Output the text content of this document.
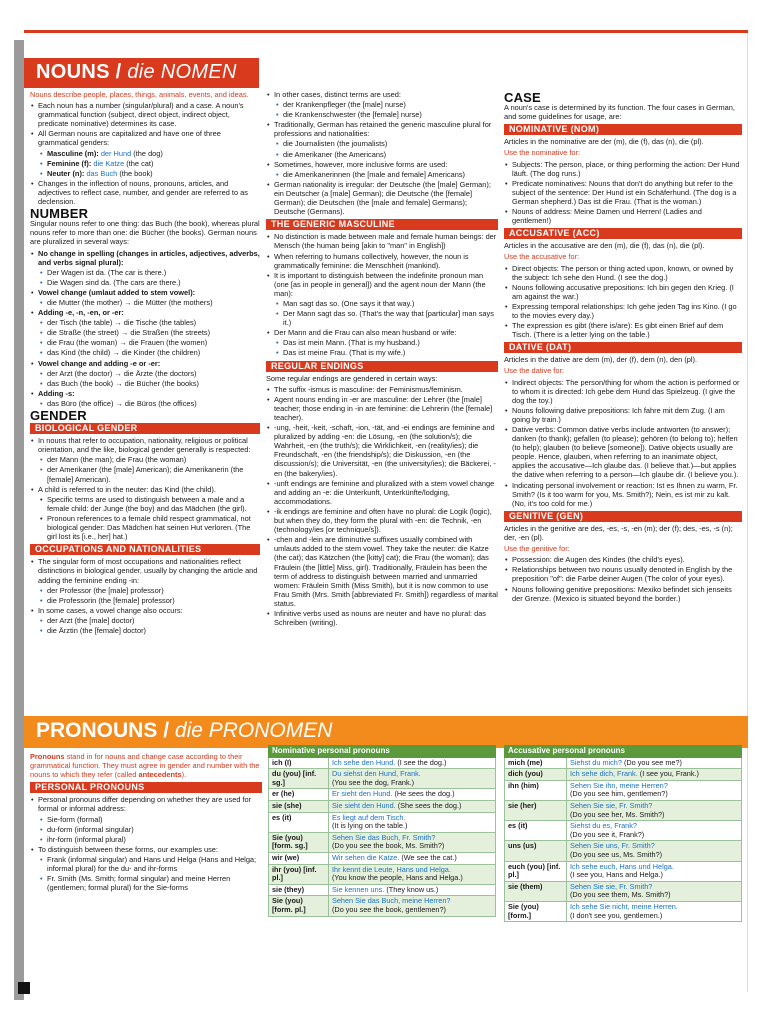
NOUNS / die NOMEN

Nouns describe people, places, things, animals, events, and ideas.

• Each noun has a number (singular/plural) and a case. A noun's grammatical function (subject, direct object, indirect object, predicate nominative) determines its case.
• All German nouns are capitalized and have one of three grammatical genders:
• Masculine (m): der Hund (the dog)
• Feminine (f): die Katze (the cat)
• Neuter (n): das Buch (the book)
• Changes in the inflection of nouns, pronouns, articles, and adjectives to reflect case, number, and gender are referred to as declension.
NUMBER

Singular nouns refer to one thing: das Buch (the book), whereas plural nouns refer to more than one: die Bücher (the books). German nouns are pluralized in several ways:

• No change in spelling (changes in articles, adjectives, adverbs, and verbs signal plural):
• Der Wagen ist da. (The car is there.)
• Die Wagen sind da. (The cars are there.)
• Vowel change (umlaut added to stem vowel):
• die Mutter (the mother) → die Mütter (the mothers)
• Adding -e, -n, -en, or -er:
• der Tisch (the table) → die Tische (the tables)
• die Straße (the street) → die Straßen (the streets)
• die Frau (the woman) → die Frauen (the women)
• das Kind (the child) → die Kinder (the children)
• Vowel change and adding -e or -er:
• der Arzt (the doctor) → die Ärzte (the doctors)
• das Buch (the book) → die Bücher (the books)
• Adding -s:
• das Büro (the office) → die Büros (the offices)
GENDER
BIOLOGICAL GENDER
• In nouns that refer to occupation, nationality, religious or political orientation, and the like, biological gender generally is respected:
• der Mann (the man); die Frau (the woman)
• der Amerikaner (the [male] American); die Amerikanerin (the [female] American).
• A child is referred to in the neuter: das Kind (the child).
• Specific terms are used to distinguish between a male and a female child: der Junge (the boy) and das Mädchen (the girl).
• Pronoun references to a female child respect grammatical, not biological gender: Das Mädchen hat seinen Hut verloren. (The girl lost its [i.e., her] hat.)
OCCUPATIONS AND NATIONALITIES
• The singular form of most occupations and nationalities reflect distinctions in biological gender, usually by changing the article and adding the feminine ending -in:
• der Professor (the [male] professor)
• die Professorin (the [female] professor)
• In some cases, a vowel change also occurs:
• der Arzt (the [male] doctor)
• die Ärztin (the [female] doctor)
• In other cases, distinct terms are used:
• der Krankenpfleger (the [male] nurse)
• die Krankenschwester (the [female] nurse)
• Traditionally, German has retained the generic masculine plural for professions and nationalities:
• die Journalisten (the journalists)
• die Amerikaner (the Americans)
• Sometimes, however, more inclusive forms are used:
• die Amerikanerinnen (the [male and female] Americans)
• German nationality is irregular: der Deutsche (the [male] German); ein Deutscher (a [male] German); die Deutsche (the [female] German); die Deutschen (the [male and female] Germans); Deutsche (Germans).
THE GENERIC MASCULINE
• No distinction is made between male and female human beings: der Mensch (the human being [akin to "man" in English])
• When referring to humans collectively, however, the noun is grammatically feminine: die Menschheit (mankind).
• It is important to distinguish between the indefinite pronoun man (one [as in people in general]) and the agent noun der Mann (the man):
• Man sagt das so. (One says it that way.)
• Der Mann sagt das so. (That's the way that [particular] man says it.)
• Der Mann and die Frau can also mean husband or wife:
• Das ist mein Mann. (That is my husband.)
• Das ist meine Frau. (That is my wife.)
REGULAR ENDINGS

Some regular endings are gendered in certain ways:

• The suffix -ismus is masculine: der Feminismus/feminism.
• Agent nouns ending in -er are masculine: der Lehrer (the [male] teacher; those ending in -in are feminine: die Lehrerin (the [female] teacher).
• -ung, -heit, -keit, -schaft, -ion, -tät, and -ei endings are feminine and pluralized by adding -en: die Lösung, -en (the solution/s); die Wahrheit, -en (the truth/s); die Wirklichkeit, -en (reality/ies); die Freundschaft, -en (the friendship/s); die Diskussion, -en (the discussion/s); die Universität, -en (the university/ies); die Bäckerei, -en (the bakery/ies).
• -unft endings are feminine and pluralized with a stem vowel change and adding an -e: die Unterkunft, Unterkünfte/lodging, accommodations.
• -ik endings are feminine and often have no plural: die Logik (logic), but when they do, they form the plural with -en: die Technik, -en (technology/ies [or technique/s]).
• -chen and -lein are diminutive suffixes usually combined with umlauts added to the stem vowel. They take the neuter: die Katze (the cat); das Kätzchen (the [kitty] cat); die Frau (the woman); das Fräulein (the [little] Miss, girl). Traditionally, Fräulein has been the term of address to distinguish between married and unmarried women: Fräulein Smith (Miss Smith), but it is now common to use Frau Smith (Mrs. Smith [abbreviated Fr. Smith]) regardless of marital status.
• Infinitive verbs used as nouns are neuter and have no plural: das Schreiben (writing).
CASE

A noun's case is determined by its function. The four cases in German, and some guidelines for usage, are:

NOMINATIVE (NOM)

Articles in the nominative are der (m), die (f), das (n), die (pl).

Use the nominative for:

• Subjects: The person, place, or thing performing the action: Der Hund läuft. (The dog runs.)
• Predicate nominatives: Nouns that don't do anything but refer to the subject of the sentence: Der Hund ist ein Schäferhund. (The dog is a German shepherd.) Das ist die Frau. (That is the woman.)
• Nouns of address: Meine Damen und Herren! (Ladies and gentlemen!)
ACCUSATIVE (ACC)

Articles in the accusative are den (m), die (f), das (n), die (pl).

Use the accusative for:

• Direct objects: The person or thing acted upon, known, or owned by the subject: Ich sehe den Hund. (I see the dog.)
• Nouns following accusative prepositions: Ich bin gegen den Krieg. (I am against the war.)
• Expressing temporal relationships: Ich gehe jeden Tag ins Kino. (I go to the movies every day.)
• The expression es gibt (there is/are): Es gibt einen Brief auf dem Tisch. (There is a letter lying on the table.)
DATIVE (DAT)

Articles in the dative are dem (m), der (f), dem (n), den (pl).

Use the dative for:

• Indirect objects: The person/thing for whom the action is performed or to whom it is directed: Ich gebe dem Hund das Spielzeug. (I give the dog the toy.)
• Nouns following dative prepositions: Ich fahre mit dem Zug. (I am going by train.)
• Dative verbs: Common dative verbs include antworten (to answer); danken (to thank); gefallen (to please); gehören (to belong to); helfen (to help); glauben (to believe [someone]). Dative objects usually are people. Hence, glauben, when referring to an inanimate object, applies the accusative—Ich glaube das. (I believe that.)—but applies the dative when referring to a person—Ich glaube dir. (I believe you.).
• Indicating personal involvement or reaction: Ist es Ihnen zu warm, Fr. Smith? (Is it too warm for you, Ms. Smith?); Nein, es ist mir zu kalt. (No, it's too cold for me.)
GENITIVE (GEN)

Articles in the genitive are des, -es, -s, -en (m); der (f); des, -es, -s (n); der, -en (pl).

Use the genitive for:

• Possession: die Augen des Kindes (the child's eyes).
• Relationships between two nouns usually denoted in English by the preposition "of": die Farbe deiner Augen (The color of your eyes).
• Nouns following genitive prepositions: Mexiko befindet sich jenseits der Grenze. (Mexico is situated beyond the border.)
PRONOUNS / die PRONOMEN

Pronouns stand in for nouns and change case according to their grammatical function. They must agree in gender and number with the nouns to which they refer (called antecedents).

PERSONAL PRONOUNS
• Personal pronouns differ depending on whether they are used for formal or informal address:
• Sie-form (formal)
• du-form (informal singular)
• ihr-form (informal plural)
• To distinguish between these forms, our examples use:
• Frank (informal singular) and Hans und Helga (Hans and Helga; informal plural) for the du- and ihr-forms
• Fr. Smith (Ms. Smith; formal singular) and meine Herren (gentlemen; formal plural) for the Sie-forms
Nominative personal pronouns	
ich (I)	Ich sehe den Hund. (I see the dog.)
du (you) [inf. sg.]	Du siehst den Hund, Frank.
(You see the dog, Frank.)
er (he)	Er sieht den Hund. (He sees the dog.)
sie (she)	Sie sieht den Hund. (She sees the dog.)
es (it)	Es liegt auf dem Tisch.
(It is lying on the table.)
Sie (you) [form. sg.]	Sehen Sie das Buch, Fr. Smith?
(Do you see the book, Ms. Smith?)
wir (we)	Wir sehen die Katze. (We see the cat.)
ihr (you) [inf. pl.]	Ihr kennt die Leute, Hans und Helga.
(You know the people, Hans and Helga.)
sie (they)	Sie kennen uns. (They know us.)
Sie (you) [form. pl.]	Sehen Sie das Buch, meine Herren?
(Do you see the book, gentlemen?)
Accusative personal pronouns	
mich (me)	Siehst du mich? (Do you see me?)
dich (you)	Ich sehe dich, Frank. (I see you, Frank.)
ihn (him)	Sehen Sie ihn, meine Herren?
(Do you see him, gentlemen?)
sie (her)	Sehen Sie sie, Fr. Smith?
(Do you see her, Ms. Smith?)
es (it)	Siehst du es, Frank?
(Do you see it, Frank?)
uns (us)	Sehen Sie uns, Fr. Smith?
(Do you see us, Ms. Smith?)
euch (you) [inf. pl.]	Ich sehe euch, Hans und Helga.
(I see you, Hans and Helga.)
sie (them)	Sehen Sie sie, Fr. Smith?
(Do you see them, Ms. Smith?)
Sie (you) [form.]	Ich sehe Sie nicht, meine Herren.
(I don't see you, gentlemen.)
